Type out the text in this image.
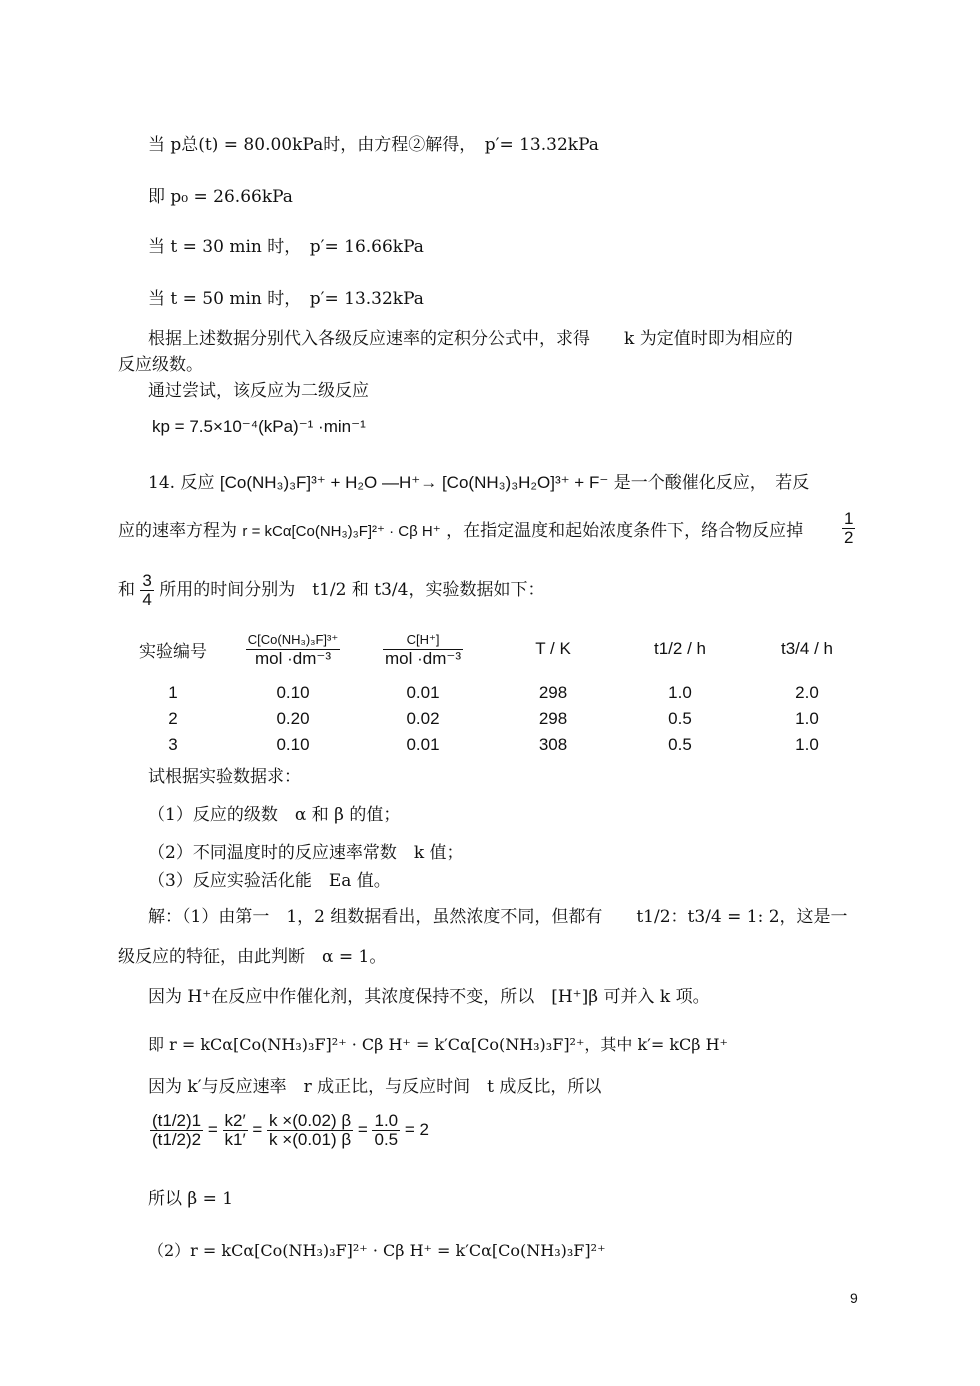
当 p总(t) = 80.00kPa时，由方程②解得，　p′= 13.32kPa
即 p₀ = 26.66kPa
当 t = 30 min 时，　p′= 16.66kPa
当 t = 50 min 时，　p′= 13.32kPa
根据上述数据分别代入各级反应速率的定积分公式中，求得　　k 为定值时即为相应的
反应级数。
通过尝试，该反应为二级反应
kp = 7.5×10⁻⁴(kPa)⁻¹ ·min⁻¹
14. 反应 [Co(NH₃)₃F]³⁺ + H₂O —H⁺→ [Co(NH₃)₃H₂O]³⁺ + F⁻ 是一个酸催化反应，　若反
应的速率方程为 r = kCα[Co(NH₃)₃F]²⁺ · Cβ H⁺ ，在指定温度和起始浓度条件下，络合物反应掉 $\frac{1}{2}$
和 $\frac{3}{4}$ 所用的时间分别为　t1/2 和 t3/4，实验数据如下：
实验编号	$\frac{\text{C[Co(NH₃)₃F]³⁺}}{\text{mol ·dm⁻³}}$	$\frac{C[H^+]}{\text{mol ·dm⁻³}}$	T / K	t1/2 / h	t3/4 / h
1	0.10	0.01	298	1.0	2.0
2	0.20	0.02	298	0.5	1.0
3	0.10	0.01	308	0.5	1.0
试根据实验数据求：
（1）反应的级数　α 和 β 的值；
（2）不同温度时的反应速率常数　k 值；
（3）反应实验活化能　Ea 值。
解：（1）由第一　1，2 组数据看出，虽然浓度不同，但都有　　t1/2：t3/4 = 1: 2，这是一
级反应的特征，由此判断　α = 1。
因为 H⁺在反应中作催化剂，其浓度保持不变，所以　[H⁺]β 可并入 k 项。
即 r = kCα[Co(NH₃)₃F]²⁺ · Cβ H⁺ = k′Cα[Co(NH₃)₃F]²⁺，其中 k′= kCβ H⁺
因为 k′与反应速率　r 成正比，与反应时间　t 成反比，所以
$\frac{(t1/2)1}{(t1/2)2} = \frac{k2'}{k1'} = \frac{k \times(0.02) \beta}{k \times(0.01) \beta} = \frac{1.0}{0.5} = 2$
所以 β = 1
（2）r = kCα[Co(NH₃)₃F]²⁺ · Cβ H⁺ = k′Cα[Co(NH₃)₃F]²⁺
9
